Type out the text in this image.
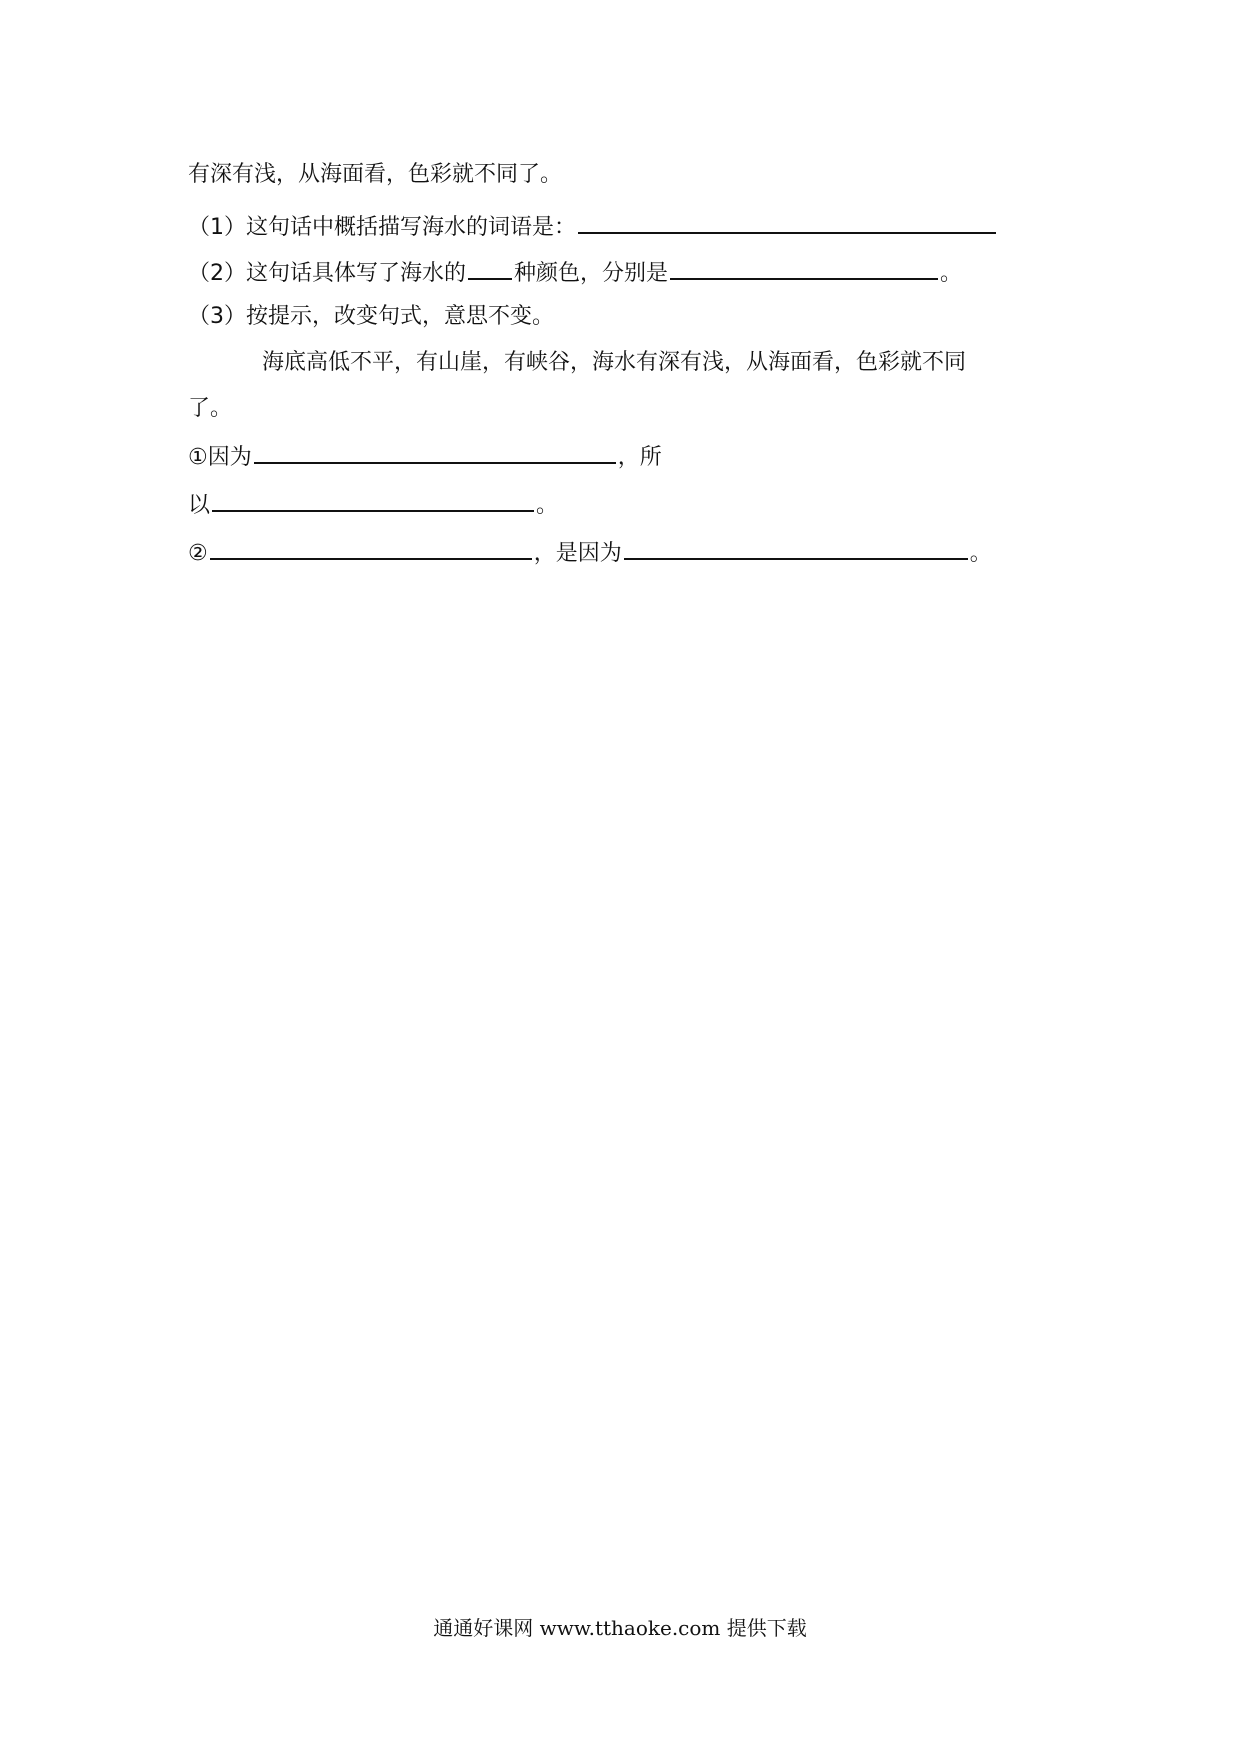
有深有浅，从海面看，色彩就不同了。
（1）这句话中概括描写海水的词语是：
（2）这句话具体写了海水的 种颜色，分别是	。
（3）按提示，改变句式，意思不变。
海底高低不平，有山崖，有峡谷，海水有深有浅，从海面看，色彩就不同
了。
①因为	，所
以	。
②	，是因为	。
通通好课网 www.tthaoke.com 提供下载
